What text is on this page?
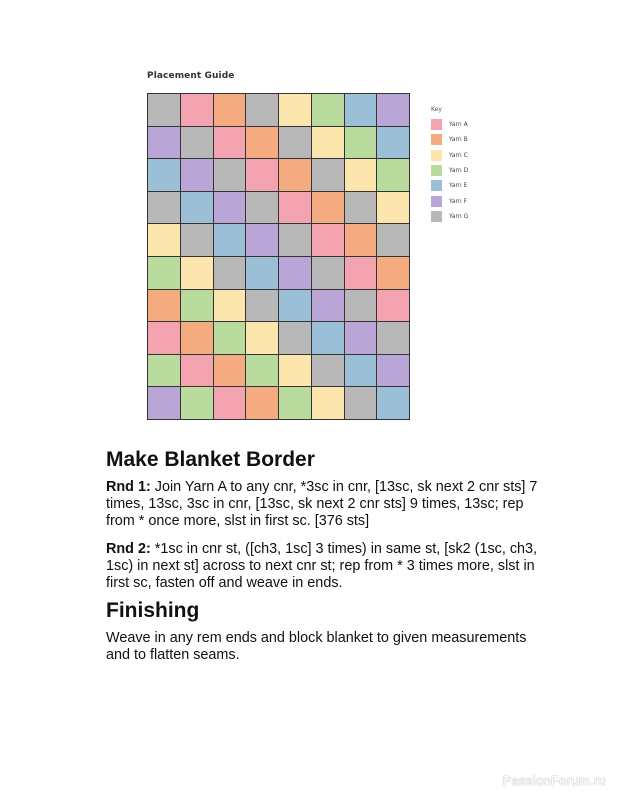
Placement Guide
Key
Yarn A
Yarn B
Yarn C
Yarn D
Yarn E
Yarn F
Yarn G
Make Blanket Border

Rnd 1: Join Yarn A to any cnr, *3sc in cnr, [13sc, sk next 2 cnr sts] 7 times, 13sc, 3sc in cnr, [13sc, sk next 2 cnr sts] 9 times, 13sc; rep from * once more, slst in first sc. [376 sts]

Rnd 2: *1sc in cnr st, ([ch3, 1sc] 3 times) in same st, [sk2 (1sc, ch3, 1sc) in next st] across to next cnr st; rep from * 3 times more, slst in first sc, fasten off and weave in ends.

Finishing

Weave in any rem ends and block blanket to given measurements and to flatten seams.

PassionForum.ru
